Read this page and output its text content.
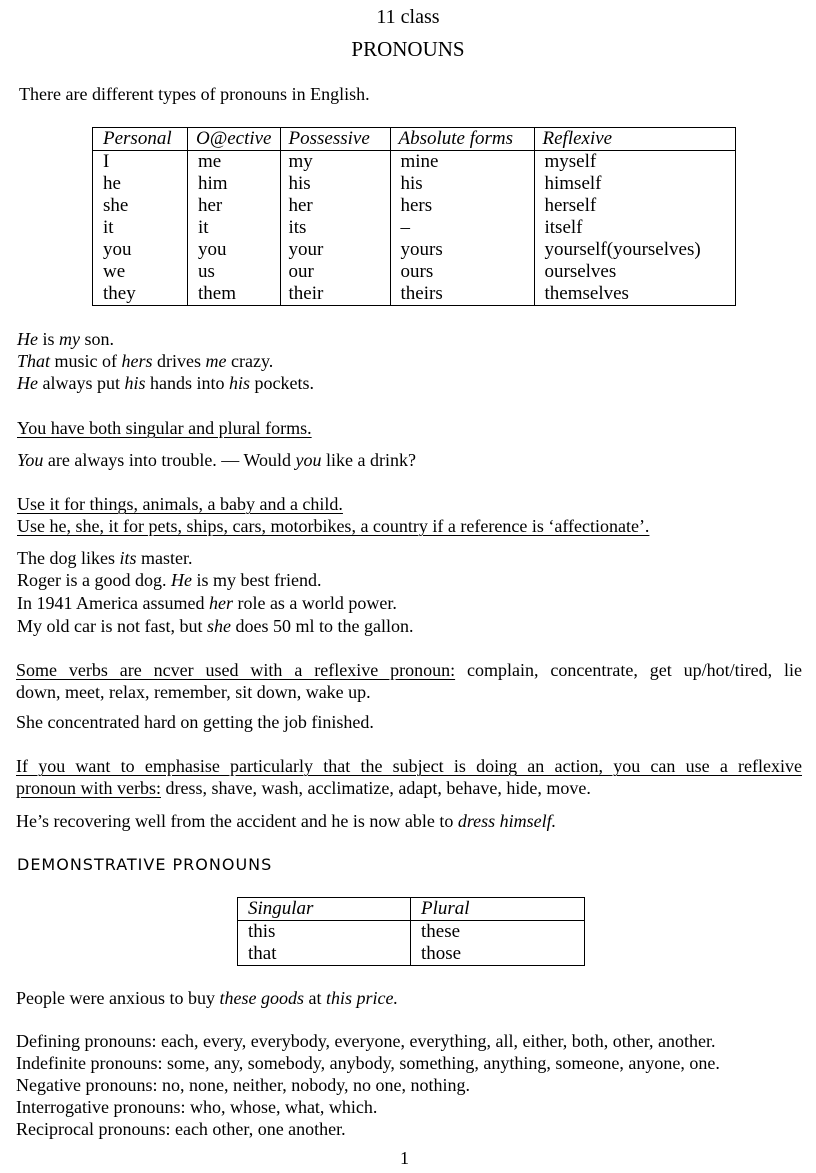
11 class
PRONOUNS
There are different types of pronouns in English.
Personal	O@ective	Possessive	Absolute forms	Reflexive
I	me	my	mine	myself
he	him	his	his	himself
she	her	her	hers	herself
it	it	its	–	itself
you	you	your	yours	yourself(yourselves)
we	us	our	ours	ourselves
they	them	their	theirs	themselves
He is my son.
That music of hers drives me crazy.
He always put his hands into his pockets.
You have both singular and plural forms.
You are always into trouble. — Would you like a drink?
Use it for things, animals, a baby and a child.
Use he, she, it for pets, ships, cars, motorbikes, a country if a reference is ‘affectionate’.
The dog likes its master.
Roger is a good dog. He is my best friend.
In 1941 America assumed her role as a world power.
My old car is not fast, but she does 50 ml to the gallon.
Some verbs are ncver used with a reflexive pronoun: complain, concentrate, get up/hot/tired, lie
down, meet, relax, remember, sit down, wake up.
She concentrated hard on getting the job finished.
If you want to emphasise particularly that the subject is doing an action, you can use a reflexive
pronoun with verbs: dress, shave, wash, acclimatize, adapt, behave, hide, move.
He’s recovering well from the accident and he is now able to dress himself.
DEMONSTRATIVE PRONOUNS
Singular	Plural
this	these
that	those
People were anxious to buy these goods at this price.
Defining pronouns: each, every, everybody, everyone, everything, all, either, both, other, another.
Indefinite pronouns: some, any, somebody, anybody, something, anything, someone, anyone, one.
Negative pronouns: no, none, neither, nobody, no one, nothing.
Interrogative pronouns: who, whose, what, which.
Reciprocal pronouns: each other, one another.
1
